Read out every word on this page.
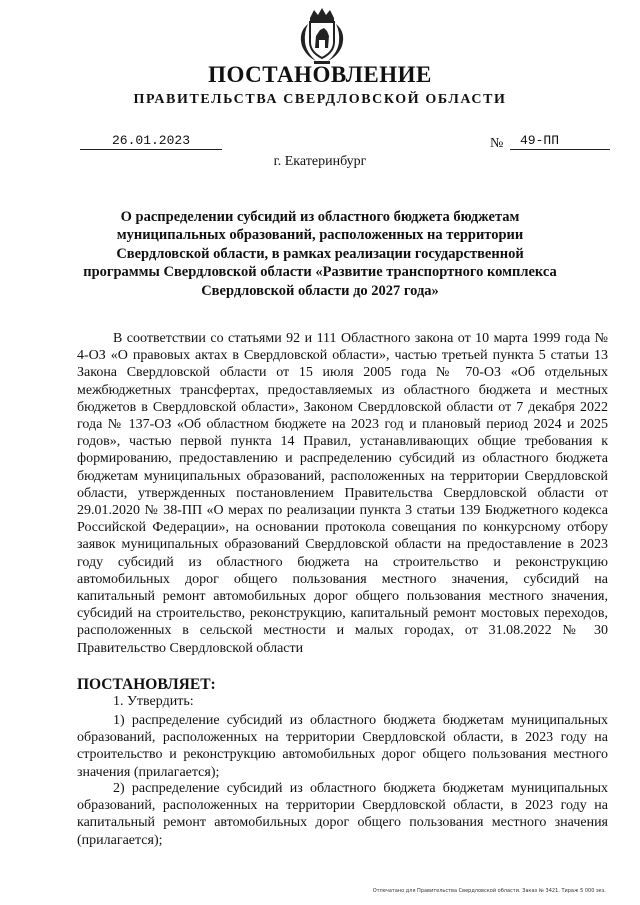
ПОСТАНОВЛЕНИЕ
ПРАВИТЕЛЬСТВА СВЕРДЛОВСКОЙ ОБЛАСТИ
26.01.2023	№	49-ПП
г. Екатеринбург
О распределении субсидий из областного бюджета бюджетам муниципальных образований, расположенных на территории Свердловской области, в рамках реализации государственной программы Свердловской области «Развитие транспортного комплекса Свердловской области до 2027 года»
В соответствии со статьями 92 и 111 Областного закона от 10 марта 1999 года № 4-ОЗ «О правовых актах в Свердловской области», частью третьей пункта 5 статьи 13 Закона Свердловской области от 15 июля 2005 года № 70-ОЗ «Об отдельных межбюджетных трансфертах, предоставляемых из областного бюджета и местных бюджетов в Свердловской области», Законом Свердловской области от 7 декабря 2022 года № 137-ОЗ «Об областном бюджете на 2023 год и плановый период 2024 и 2025 годов», частью первой пункта 14 Правил, устанавливающих общие требования к формированию, предоставлению и распределению субсидий из областного бюджета бюджетам муниципальных образований, расположенных на территории Свердловской области, утвержденных постановлением Правительства Свердловской области от 29.01.2020 № 38-ПП «О мерах по реализации пункта 3 статьи 139 Бюджетного кодекса Российской Федерации», на основании протокола совещания по конкурсному отбору заявок муниципальных образований Свердловской области на предоставление в 2023 году субсидий из областного бюджета на строительство и реконструкцию автомобильных дорог общего пользования местного значения, субсидий на капитальный ремонт автомобильных дорог общего пользования местного значения, субсидий на строительство, реконструкцию, капитальный ремонт мостовых переходов, расположенных в сельской местности и малых городах, от 31.08.2022 № 30 Правительство Свердловской области
ПОСТАНОВЛЯЕТ:
1. Утвердить:
1) распределение субсидий из областного бюджета бюджетам муниципальных образований, расположенных на территории Свердловской области, в 2023 году на строительство и реконструкцию автомобильных дорог общего пользования местного значения (прилагается);
2) распределение субсидий из областного бюджета бюджетам муниципальных образований, расположенных на территории Свердловской области, в 2023 году на капитальный ремонт автомобильных дорог общего пользования местного значения (прилагается);
Отпечатано для Правительства Свердловской области. Заказ № 3421. Тираж 5 000 экз.
